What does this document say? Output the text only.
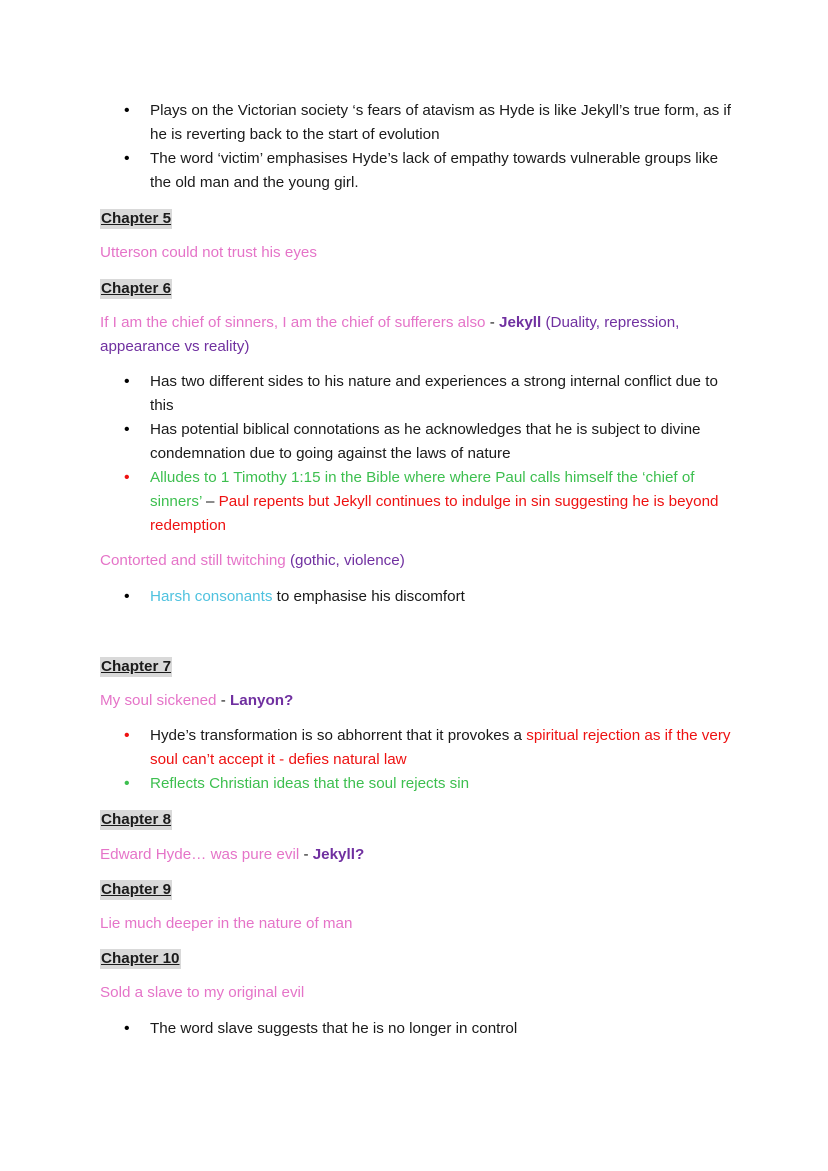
• Plays on the Victorian society ‘s fears of atavism as Hyde is like Jekyll’s true form, as if he is reverting back to the start of evolution
• The word ‘victim’ emphasises Hyde’s lack of empathy towards vulnerable groups like the old man and the young girl.
Chapter 5

Utterson could not trust his eyes

Chapter 6

If I am the chief of sinners, I am the chief of sufferers also - Jekyll (Duality, repression, appearance vs reality)

• Has two different sides to his nature and experiences a strong internal conflict due to this
• Has potential biblical connotations as he acknowledges that he is subject to divine condemnation due to going against the laws of nature
• Alludes to 1 Timothy 1:15 in the Bible where where Paul calls himself the ‘chief of sinners’ – Paul repents but Jekyll continues to indulge in sin suggesting he is beyond redemption

Contorted and still twitching (gothic, violence)

• Harsh consonants to emphasise his discomfort
Chapter 7

My soul sickened - Lanyon?

• Hyde’s transformation is so abhorrent that it provokes a spiritual rejection as if the very soul can’t accept it - defies natural law
• Reflects Christian ideas that the soul rejects sin
Chapter 8

Edward Hyde… was pure evil - Jekyll?

Chapter 9

Lie much deeper in the nature of man

Chapter 10

Sold a slave to my original evil

• The word slave suggests that he is no longer in control
